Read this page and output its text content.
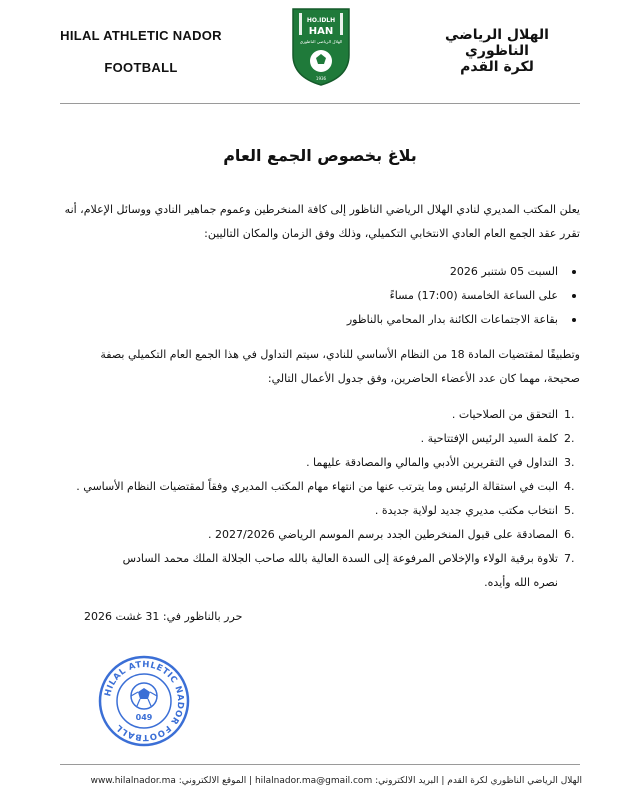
HILAL ATHLETIC NADOR
FOOTBALL
الهلال الرياضي الناظوري
لكرة القدم
HO.IDLH
HAN
الهلال الرياضي الناظوري
1936
بلاغ بخصوص الجمع العام
يعلن المكتب المديري لنادي الهلال الرياضي الناظور إلى كافة المنخرطين وعموم جماهير النادي ووسائل الإعلام، أنه
تقرر عقد الجمع العام العادي الانتخابي التكميلي، وذلك وفق الزمان والمكان التاليين:
السبت 05 شتنبر 2026
على الساعة الخامسة (17:00) مساءً
بقاعة الاجتماعات الكائنة بدار المحامي بالناظور
وتطبيقًا لمقتضيات المادة 18 من النظام الأساسي للنادي، سيتم التداول في هذا الجمع العام التكميلي بصفة
صحيحة، مهما كان عدد الأعضاء الحاضرين، وفق جدول الأعمال التالي:
1 .
التحقق من الصلاحيات .
2 .
كلمة السيد الرئيس الإفتتاحية .
3 .
التداول في التقريرين الأدبي والمالي والمصادقة عليهما .
4 .
البت في استقالة الرئيس وما يترتب عنها من انتهاء مهام المكتب المديري وفقاً لمقتضيات النظام الأساسي .
5 .
انتخاب مكتب مديري جديد لولاية جديدة .
6 .
المصادقة على قبول المنخرطين الجدد برسم الموسم الرياضي 2027/2026 .
7 .
تلاوة برقية الولاء والإخلاص المرفوعة إلى السدة العالية بالله صاحب الجلالة الملك محمد السادس نصره الله وأيده.
حرر بالناظور في: 31 غشت 2026
HILAL ATHLETIC NADOR FOOTBALL
049
الهلال الرياضي الناظوري لكرة القدم | البريد الالكتروني: hilalnador.ma@gmail.com | الموقع الالكتروني: www.hilalnador.ma
